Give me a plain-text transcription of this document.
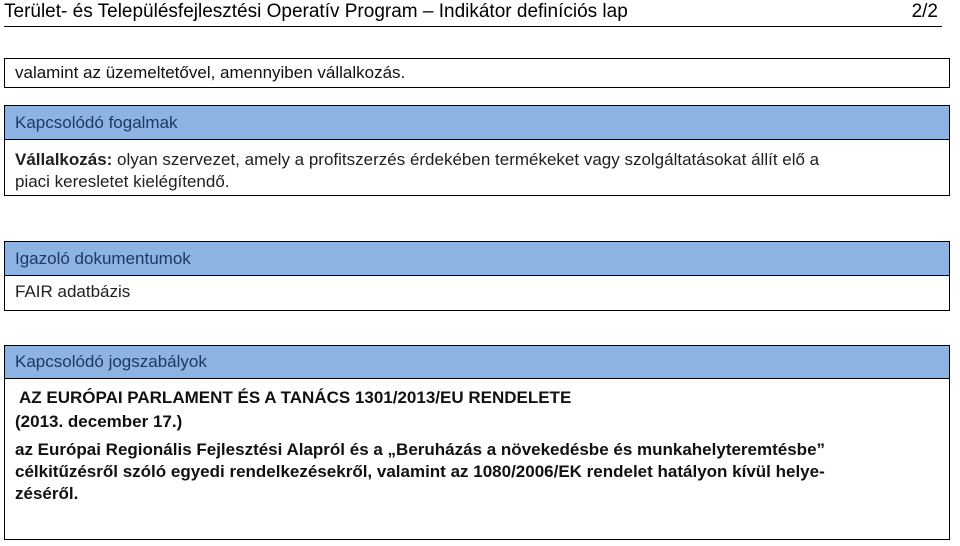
Terület- és Településfejlesztési Operatív Program – Indikátor definíciós lap	2/2
valamint az üzemeltetővel, amennyiben vállalkozás.
Kapcsolódó fogalmak
Vállalkozás: olyan szervezet, amely a profitszerzés érdekében termékeket vagy szolgáltatásokat állít elő a
piaci keresletet kielégítendő.
Igazoló dokumentumok
FAIR adatbázis
Kapcsolódó jogszabályok
AZ EURÓPAI PARLAMENT ÉS A TANÁCS 1301/2013/EU RENDELETE
(2013. december 17.)
az Európai Regionális Fejlesztési Alapról és a „Beruházás a növekedésbe és munkahelyteremtésbe”
célkitűzésről szóló egyedi rendelkezésekről, valamint az 1080/2006/EK rendelet hatályon kívül helye-
zéséről.
